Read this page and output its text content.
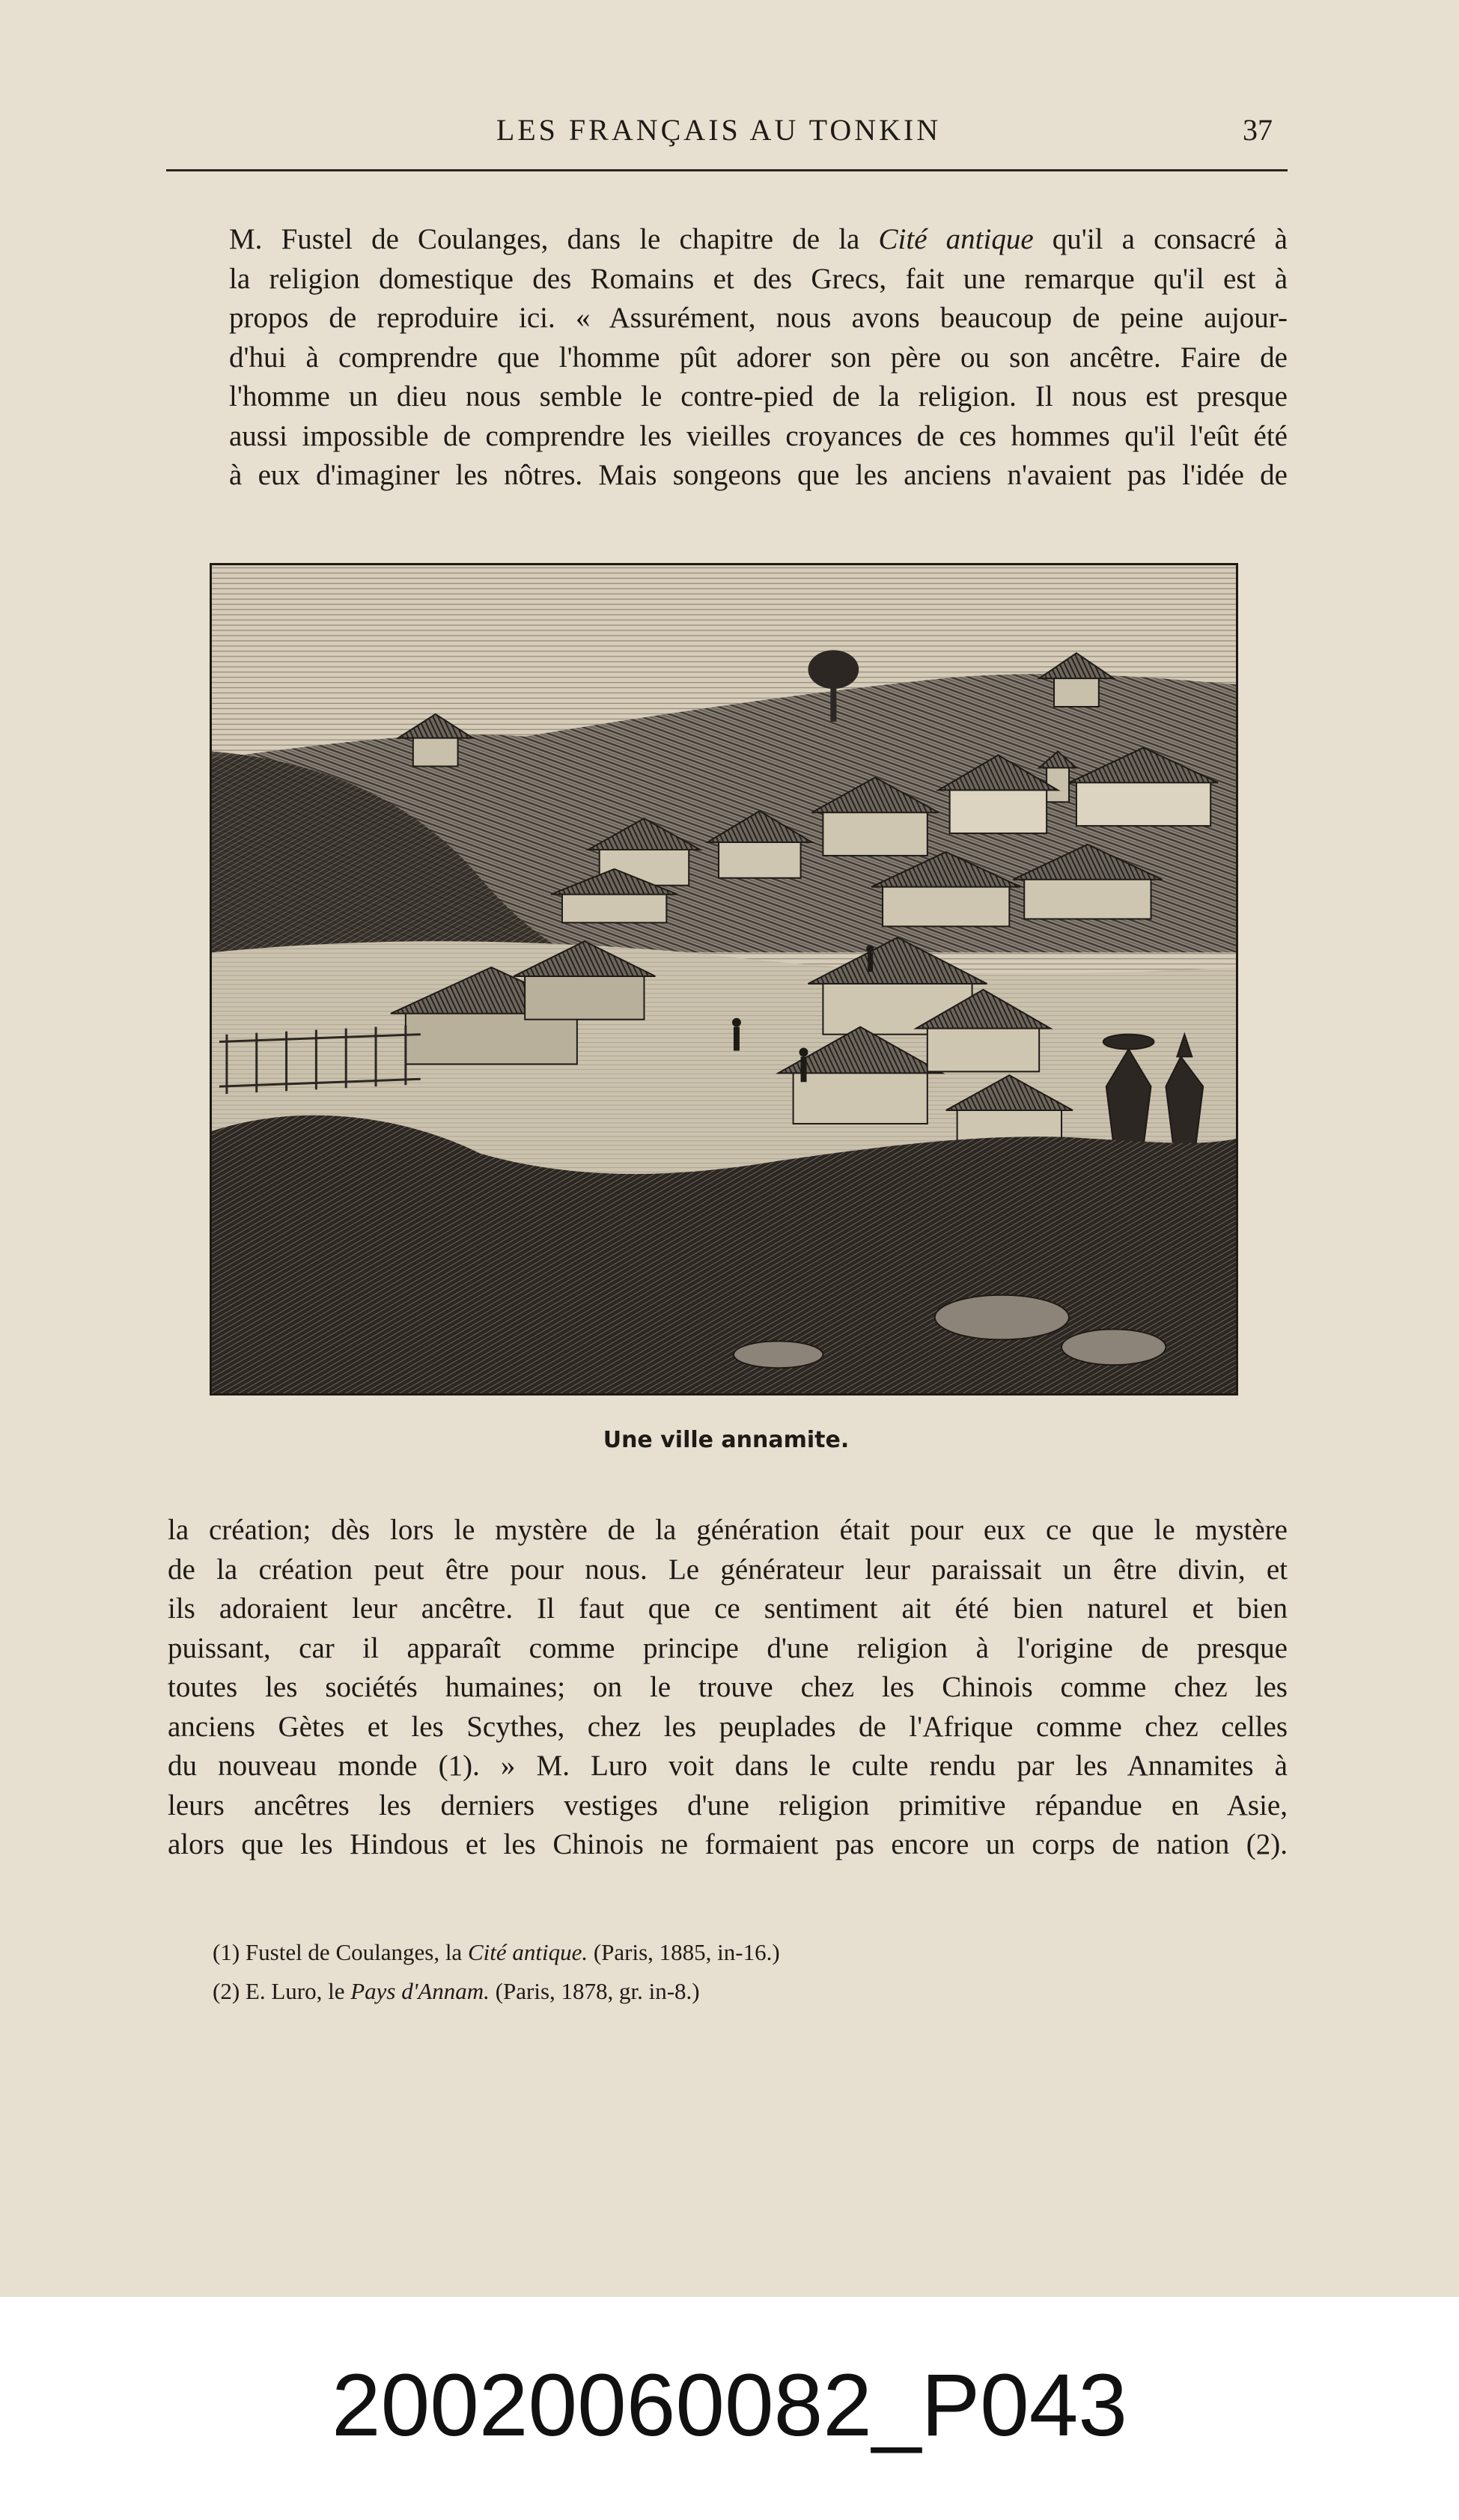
LES FRANÇAIS AU TONKIN	37

M. Fustel de Coulanges, dans le chapitre de la Cité antique qu'il a consacré à
la religion domestique des Romains et des Grecs, fait une remarque qu'il est à
propos de reproduire ici. « Assurément, nous avons beaucoup de peine aujour-
d'hui à comprendre que l'homme pût adorer son père ou son ancêtre. Faire de
l'homme un dieu nous semble le contre-pied de la religion. Il nous est presque
aussi impossible de comprendre les vieilles croyances de ces hommes qu'il l'eût été
à eux d'imaginer les nôtres. Mais songeons que les anciens n'avaient pas l'idée de

Une ville annamite.

la création; dès lors le mystère de la génération était pour eux ce que le mystère
de la création peut être pour nous. Le générateur leur paraissait un être divin, et
ils adoraient leur ancêtre. Il faut que ce sentiment ait été bien naturel et bien
puissant, car il apparaît comme principe d'une religion à l'origine de presque
toutes les sociétés humaines; on le trouve chez les Chinois comme chez les
anciens Gètes et les Scythes, chez les peuplades de l'Afrique comme chez celles
du nouveau monde (1). » M. Luro voit dans le culte rendu par les Annamites à
leurs ancêtres les derniers vestiges d'une religion primitive répandue en Asie,
alors que les Hindous et les Chinois ne formaient pas encore un corps de nation (2).

(1) Fustel de Coulanges, la Cité antique. (Paris, 1885, in-16.)
(2) E. Luro, le Pays d'Annam. (Paris, 1878, gr. in-8.)
20020060082_P043
